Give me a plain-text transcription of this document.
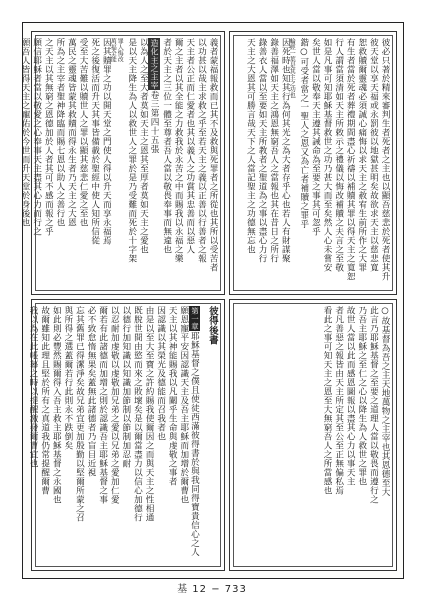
彼必只著於精來審判生者死者之主也以顯吾慈悲於死者使其升
彼天堂以享天福或永罰彼以地獄甚明矣故欲求天主以慈悲寬
恕救贖爾靈魂必須誠心痛悔以求天主之赦宥生前所作之大罪
有生者當於死者葬禮期間盡心祈禱以補贖其罪以得天主之寬恕
行人謂當須清如天主所敕示之禮儀以悔改補贖之夫言之至敬
如是凡事可知耶穌基督救世之功乃甚大而至矣然人心未嘗安
矣世人當以敬奉天主遵其誡命為至要之事其可忽乎
鍇○可受者當之一聖人之恩又為亡者補贖之罪乎
輪經一葉是其主之功也
因死時也知其行為何其光之為大者存乎心也若人有財謀聚
錄善福澤如天主之鴻恩無窮吾人之當報也其在昔日之所行
錄善衣人當以至要如天主所教者之聖道為之事以盡心力行
天主之大恩其可勝言哉天下之人當記聖主之功德無忘也
義者蒙福報救而已其不及救與死罪者之所從也其所以受苦者
以功甚以哉主求救之乎至若天主之義以正善以行善者之報
天主者公正而仁愛者也其以義人之功賞其忠善而以惡人
爾之主者以其全能之力救我於永苦之中而賜我以永福之樂
者於天主之三位一體至尊者吾人當以敬畏奉事而無違也
造化主之主宰卷三第四十五張
以為人之至大者莫如天主之恩其至厚者莫如天主之愛也
是以天主降生為人以救世人之罪於是乃受難而死於十字架
罪人悔改
萬福全能
因其贖罪之功以開天堂之門使人得以升天而享永福焉
死之後復活而升天其事皆備載於聖經中使人知所信從
受至大苦難以贖世人之罪以顯其慈悲仁愛之至也
萬民之靈魂皆蒙其救贖而得永生者乃天主之大恩
所為之主宰者聖神降臨而賜七恩以助人之善行也
之天主以其無窮之恩德加於人者其可不感而報之乎
願信耶穌者當以敬愛之心奉事天主盡其心力而行之
願吾人皆得天主之寵佑於今世而升天堂於身後也
○故基督為吾之主天地萬物之主宰也其恩德至大
此言乃耶穌基督之至要之道理人當以敬畏而遵行之
乃吾主耶穌之至仁之心以降生為人救世之罪也
故世人當以此而感恩圖報以盡其心力以事天主
者凡善惡之報皆由天主所定其至公至正無偏私焉
看此之事可知天主之恩至大無窮吾人之所當感也
彼得後書
第一章耶穌基督之僕且使徒西滿彼得書於與我同得寶貴信心之人
願恩寵平安因認識天主及吾主耶穌而加增於爾曹也
天主以其神能賜我以凡關乎生命與虔敬之事者
因認識以其榮光及德能而召我者也
由是以至大至寶之許約賜我使爾因之而與天主之性相通
既脫世間由慾而來之敗壞矣是以爾當盡力以信心加德行
以德行加知識以知識加節制以節制加忍耐
以忍耐加虔敬以虔敬加兄弟之愛以兄弟之愛加仁愛
爾若有此諸德而加增之則於認識吾主耶穌基督之事
必不致怠惰無果矣蓋無此諸德者乃盲目近視
忘其舊罪已得潔淨矣故兄弟宜更加殷勤以堅爾所蒙之召
與所得之選蓋爾若行此則永不跌倒矣
如此則必豐然賜爾得入吾主救主耶穌基督之永國也
故爾雖知此理且堅於所有之真道我仍常提醒爾曹
我以為在此帳幕之時以提醒激發爾曹宜也
基 12 − 733
